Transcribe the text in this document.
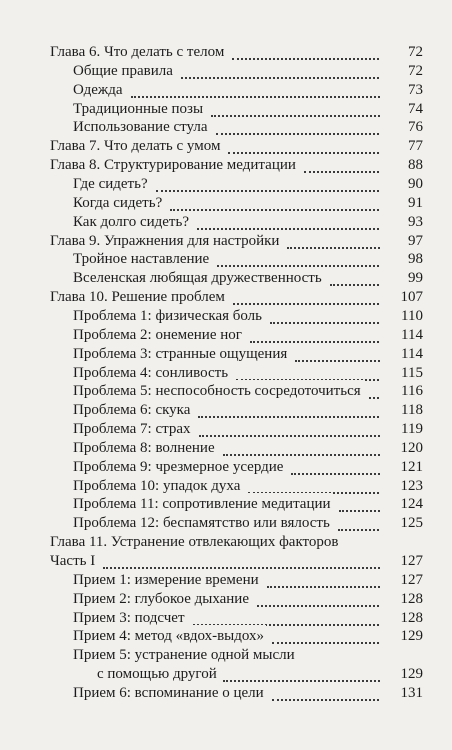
Глава 6. Что делать с телом	72
Общие правила	72
Одежда	73
Традиционные позы	74
Использование стула	76
Глава 7. Что делать с умом	77
Глава 8. Структурирование медитации	88
Где сидеть?	90
Когда сидеть?	91
Как долго сидеть?	93
Глава 9. Упражнения для настройки	97
Тройное наставление	98
Вселенская любящая дружественность	99
Глава 10. Решение проблем	107
Проблема 1: физическая боль	110
Проблема 2: онемение ног	114
Проблема 3: странные ощущения	114
Проблема 4: сонливость	115
Проблема 5: неспособность сосредоточиться	116
Проблема 6: скука	118
Проблема 7: страх	119
Проблема 8: волнение	120
Проблема 9: чрезмерное усердие	121
Проблема 10: упадок духа	123
Проблема 11: сопротивление медитации	124
Проблема 12: беспамятство или вялость	125
Глава 11. Устранение отвлекающих факторов
Часть I	127
Прием 1: измерение времени	127
Прием 2: глубокое дыхание	128
Прием 3: подсчет	128
Прием 4: метод «вдох-выдох»	129
Прием 5: устранение одной мысли
с помощью другой	129
Прием 6: вспоминание о цели	131
